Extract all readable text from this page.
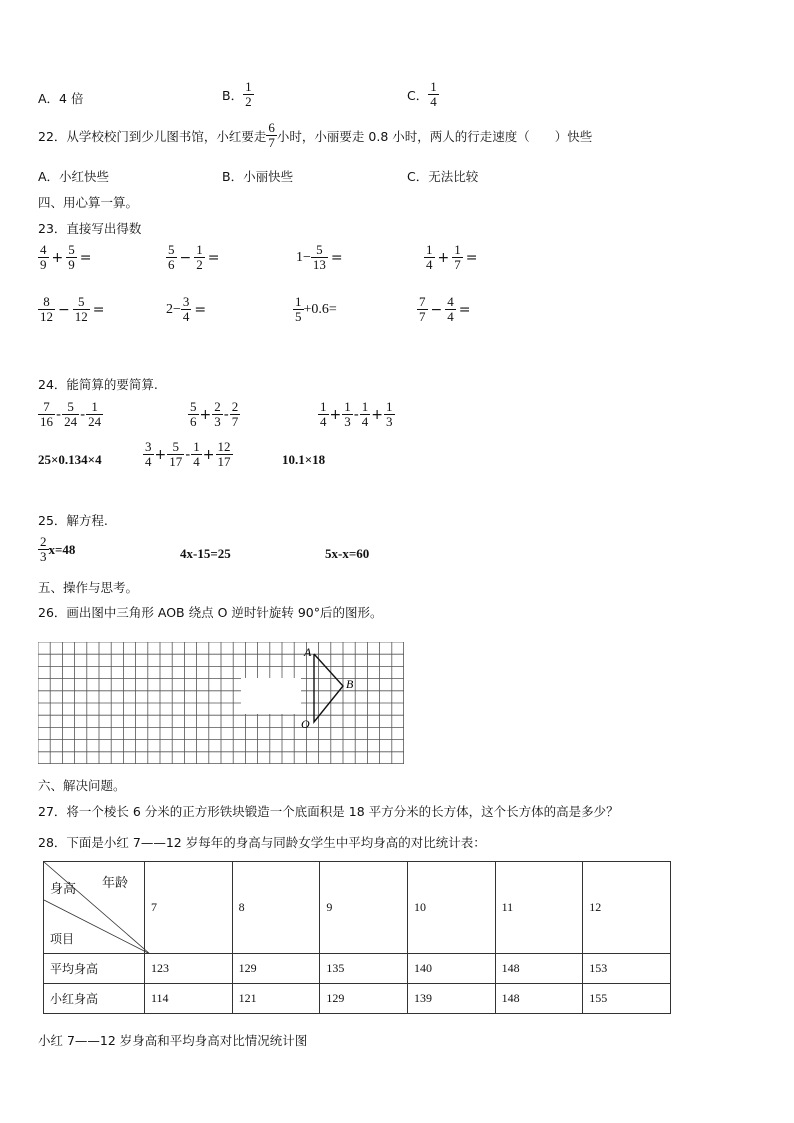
A．4 倍	B． $\frac{1}{2}$	C． $\frac{1}{4}$
22．从学校校门到少儿图书馆，小红要走 $\frac{6}{7}$ 小时，小丽要走 0.8 小时，两人的行走速度（　　）快些
A．小红快些	B．小丽快些	C．无法比较
四、用心算一算。
23．直接写出得数
$\frac{4}{9} + \frac{5}{9}$ =	$\frac{5}{6} - \frac{1}{2}$ =	$1- \frac{5}{13}$ =	$\frac{1}{4} + \frac{1}{7}$ =
$\frac{8}{12} - \frac{5}{12}$ =	$2- \frac{3}{4}$ =	$\frac{1}{5} +0.6=$	$\frac{7}{7} - \frac{4}{4}$ =
24．能简算的要简算.
$\frac{7}{16} - \frac{5}{24} - \frac{1}{24}$	$\frac{5}{6} + \frac{2}{3} - \frac{2}{7}$	$\frac{1}{4} + \frac{1}{3} - \frac{1}{4} + \frac{1}{3}$
25×0.134×4	$\frac{3}{4} + \frac{5}{17} - \frac{1}{4} + \frac{12}{17}$	10.1×18
25．解方程.
$\frac{2}{3} x=48$	4x-15=25	5x-x=60
五、操作与思考。
26．画出图中三角形 AOB 绕点 O 逆时针旋转 90°后的图形。
A
B
O
六、解决问题。
27．将一个棱长 6 分米的正方形铁块锻造一个底面积是 18 平方分米的长方体，这个长方体的高是多少？
28．下面是小红 7——12 岁每年的身高与同龄女学生中平均身高的对比统计表：
年龄
身高
项目	7	8	9	10	11	12
平均身高	123	129	135	140	148	153
小红身高	114	121	129	139	148	155
小红 7——12 岁身高和平均身高对比情况统计图
